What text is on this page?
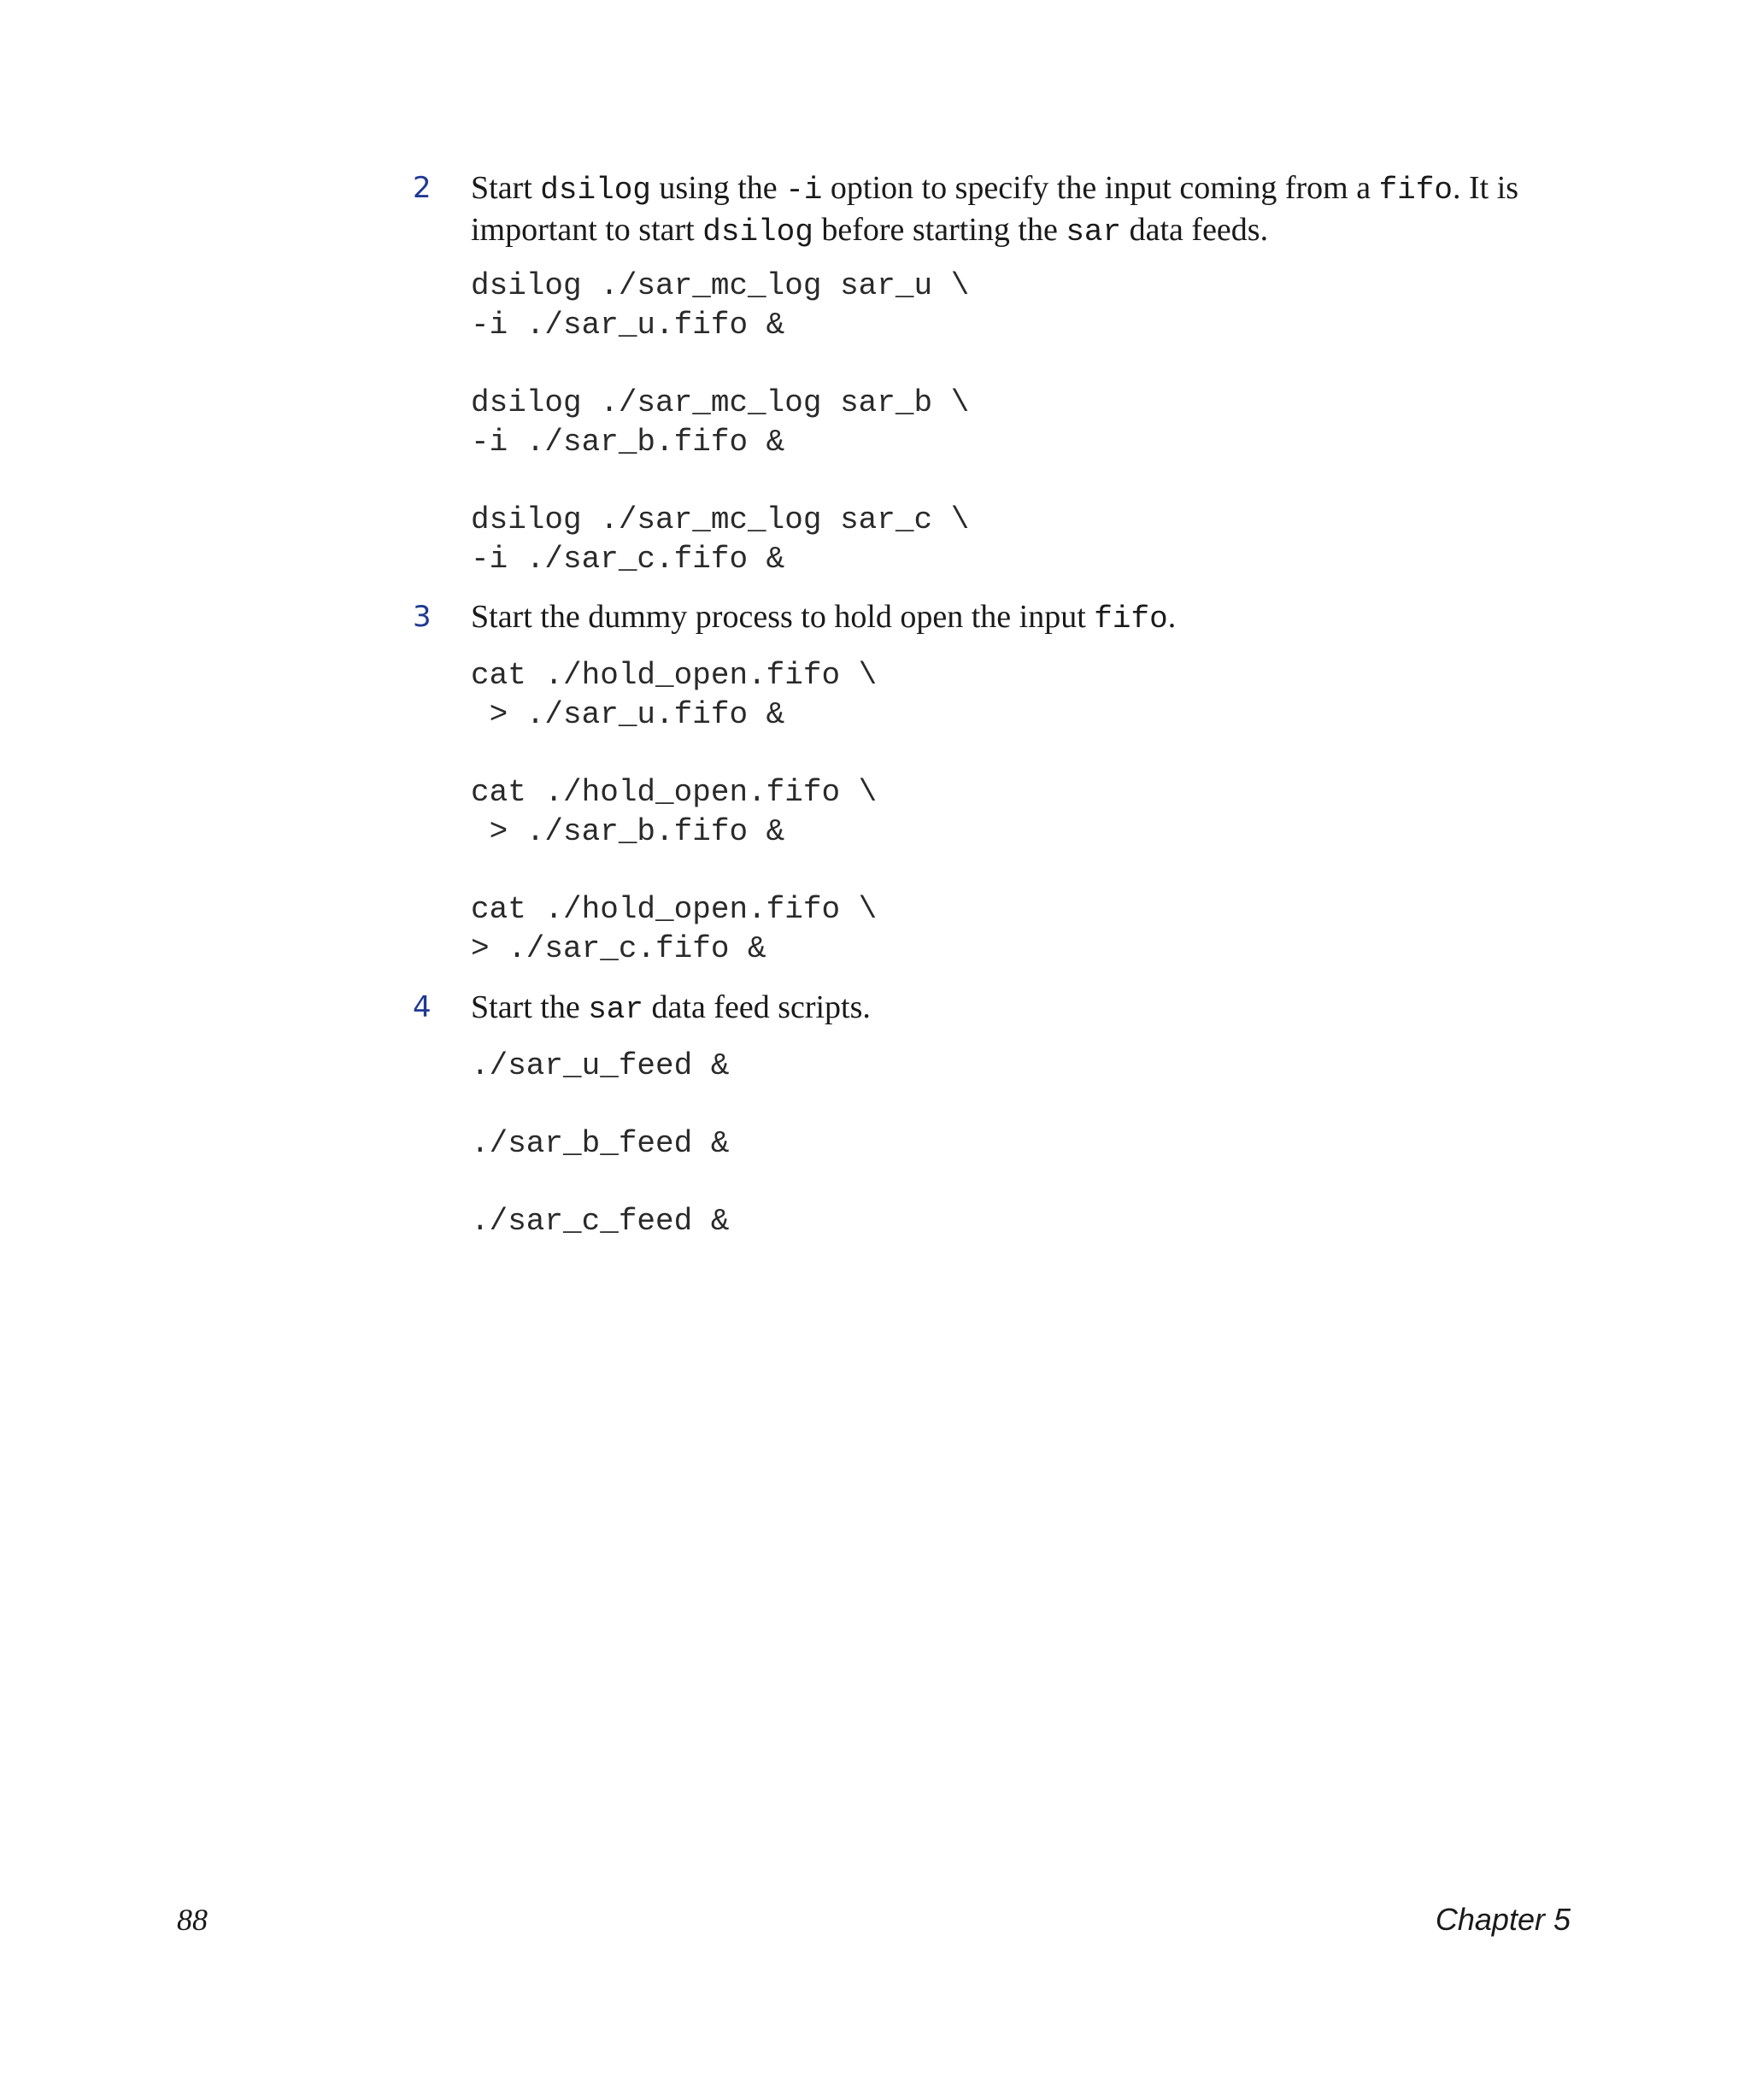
2 Start dsilog using the -i option to specify the input coming from a fifo. It is important to start dsilog before starting the sar data feeds.

dsilog ./sar_mc_log sar_u \
-i ./sar_u.fifo &
dsilog ./sar_mc_log sar_b \
-i ./sar_b.fifo &
dsilog ./sar_mc_log sar_c \
-i ./sar_c.fifo &
3 Start the dummy process to hold open the input fifo.

cat ./hold_open.fifo \
> ./sar_u.fifo &
cat ./hold_open.fifo \
> ./sar_b.fifo &
cat ./hold_open.fifo \
> ./sar_c.fifo &
4 Start the sar data feed scripts.

./sar_u_feed &
./sar_b_feed &
./sar_c_feed &
88	Chapter 5
